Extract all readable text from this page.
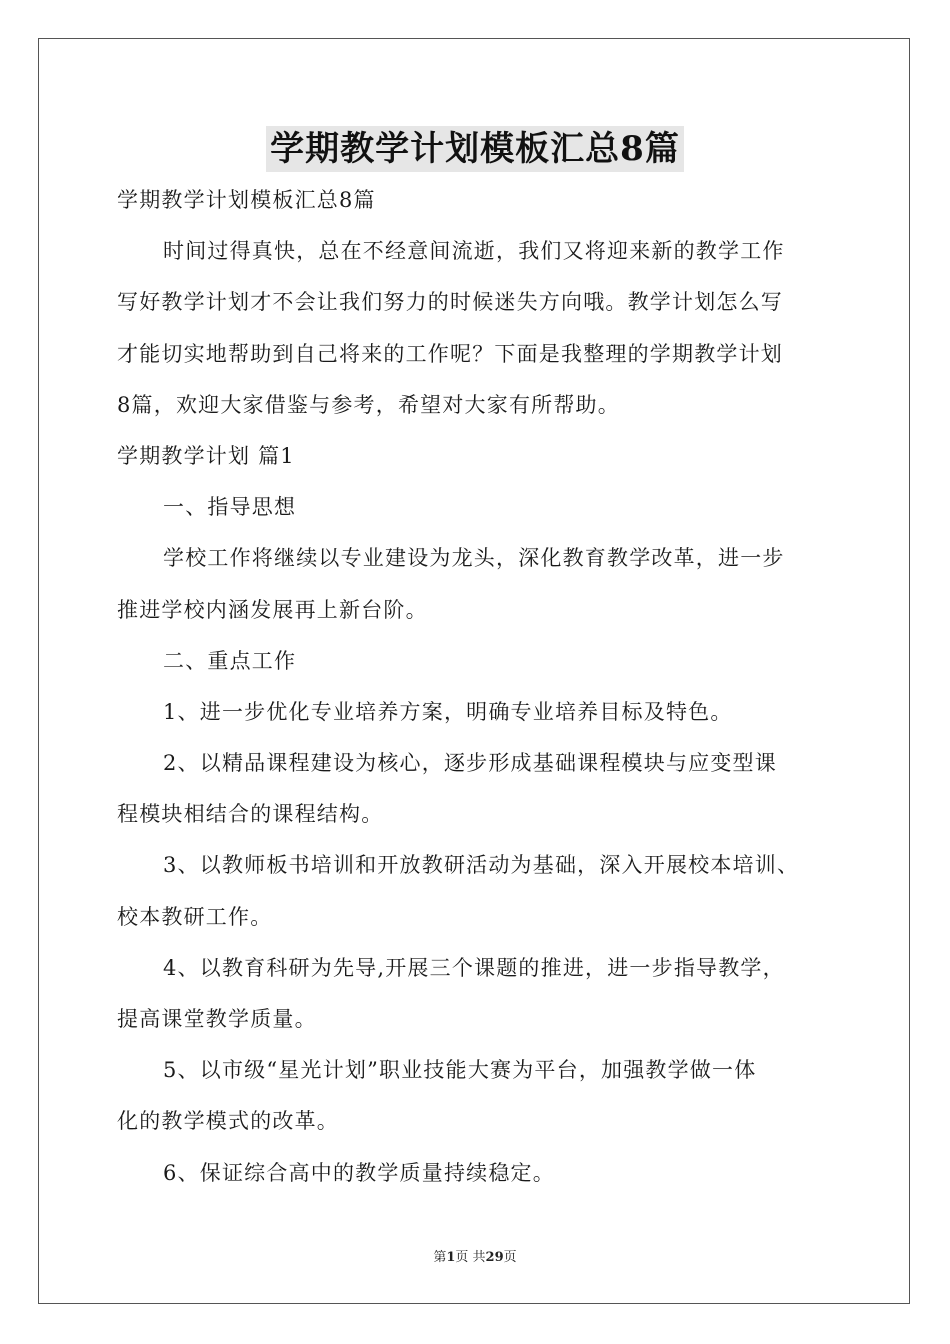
学期教学计划模板汇总8篇
学期教学计划模板汇总8篇
时间过得真快，总在不经意间流逝，我们又将迎来新的教学工作
写好教学计划才不会让我们努力的时候迷失方向哦。教学计划怎么写
才能切实地帮助到自己将来的工作呢？下面是我整理的学期教学计划
8篇，欢迎大家借鉴与参考，希望对大家有所帮助。
学期教学计划 篇1
一、指导思想
学校工作将继续以专业建设为龙头，深化教育教学改革，进一步
推进学校内涵发展再上新台阶。
二、重点工作
1、进一步优化专业培养方案，明确专业培养目标及特色。
2、以精品课程建设为核心，逐步形成基础课程模块与应变型课
程模块相结合的课程结构。
3、以教师板书培训和开放教研活动为基础，深入开展校本培训、
校本教研工作。
4、以教育科研为先导,开展三个课题的推进，进一步指导教学，
提高课堂教学质量。
5、以市级“星光计划”职业技能大赛为平台，加强教学做一体
化的教学模式的改革。
6、保证综合高中的教学质量持续稳定。
第1页 共29页
